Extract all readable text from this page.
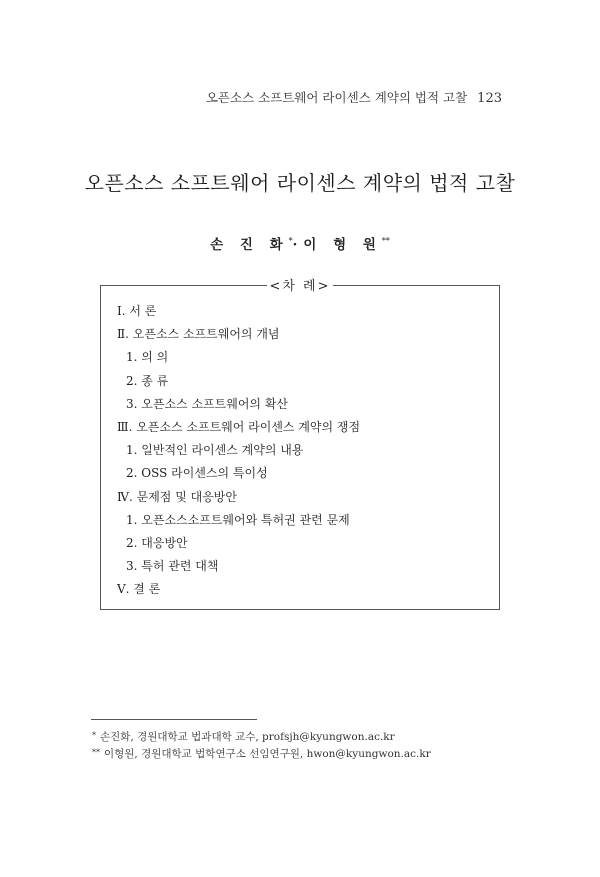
오픈소스 소프트웨어 라이센스 계약의 법적 고찰 123
오픈소스 소프트웨어 라이센스 계약의 법적 고찰
손 진 화*·이 형 원**
<차 례>
Ⅰ. 서 론
Ⅱ. 오픈소스 소프트웨어의 개념
1. 의 의
2. 종 류
3. 오픈소스 소프트웨어의 확산
Ⅲ. 오픈소스 소프트웨어 라이센스 계약의 쟁점
1. 일반적인 라이센스 계약의 내용
2. OSS 라이센스의 특이성
Ⅳ. 문제점 및 대응방안
1. 오픈소스소프트웨어와 특허권 관련 문제
2. 대응방안
3. 특허 관련 대책
Ⅴ. 결 론
* 손진화, 경원대학교 법과대학 교수, profsjh@kyungwon.ac.kr
** 이형원, 경원대학교 법학연구소 선임연구원, hwon@kyungwon.ac.kr
